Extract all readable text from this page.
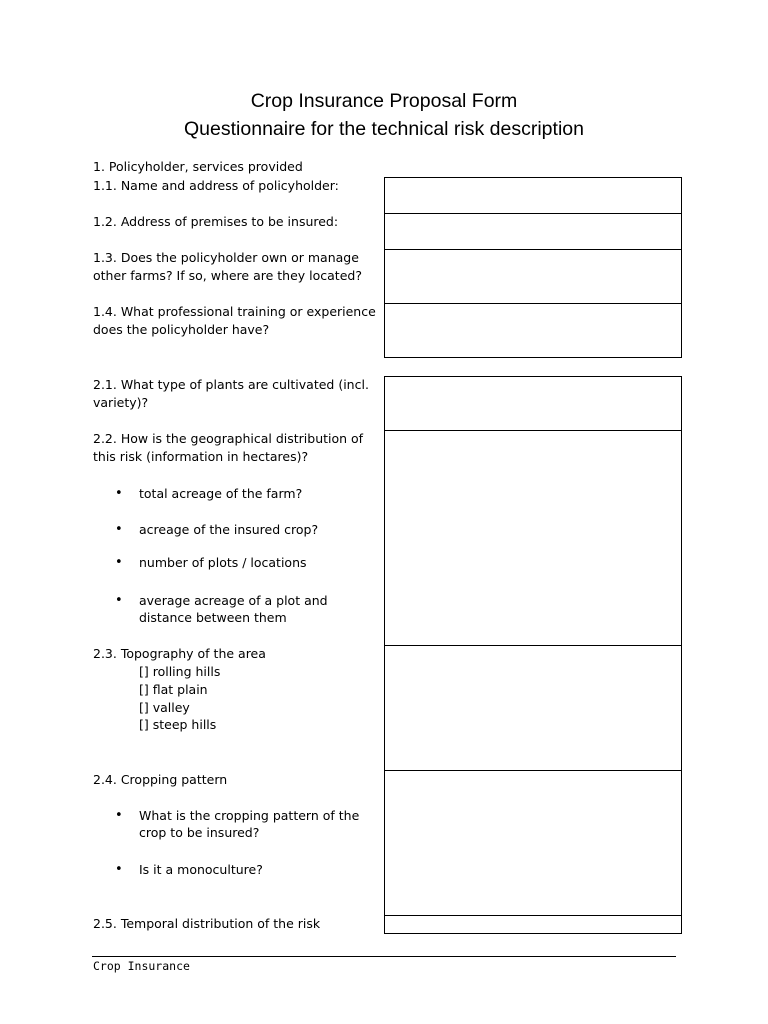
Crop Insurance Proposal Form
Questionnaire for the technical risk description
1. Policyholder, services provided
1.1. Name and address of policyholder:
1.2. Address of premises to be insured:
1.3. Does the policyholder own or manage other farms? If so, where are they located?
1.4. What professional training or experience does the policyholder have?
2.1. What type of plants are cultivated (incl. variety)?
2.2. How is the geographical distribution of this risk (information in hectares)?
• total acreage of the farm?
• acreage of the insured crop?
• number of plots / locations
• average acreage of a plot and distance between them
2.3. Topography of the area
[] rolling hills
[] flat plain
[] valley
[] steep hills
2.4. Cropping pattern
• What is the cropping pattern of the crop to be insured?
• Is it a monoculture?
2.5. Temporal distribution of the risk
Crop Insurance
